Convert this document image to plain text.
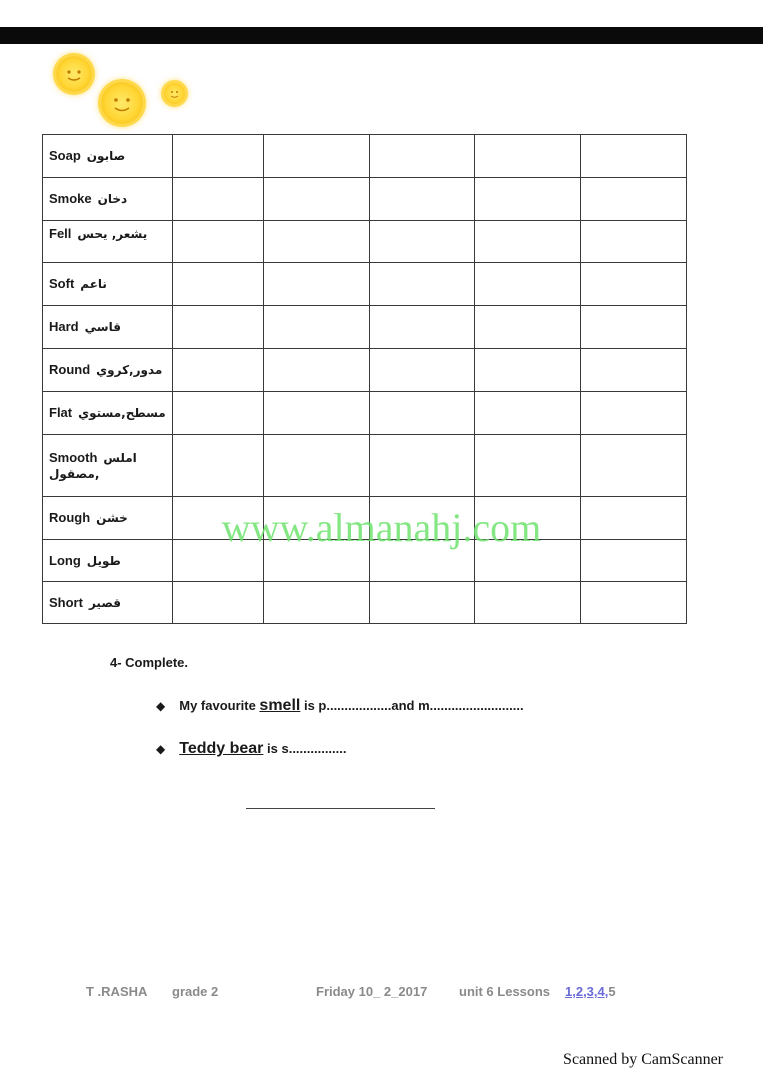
Soap صابون					
Smoke دخان					
Fell يشعر, يحس					
Soft ناعم					
Hard قاسي					
Round مدور,كروي					
Flat مسطح,مستوي					
Smooth املس
مصقول,					

Rough خشن					
Long طويل					
Short قصير					
www.almanahj.com
4- Complete.
◆ My favourite smell is p..................and m..........................
◆ Teddy bear is s................
T .RASHA grade 2	Friday 10_ 2_2017 unit 6 Lessons 1,2,3,4,5
Scanned by CamScanner
